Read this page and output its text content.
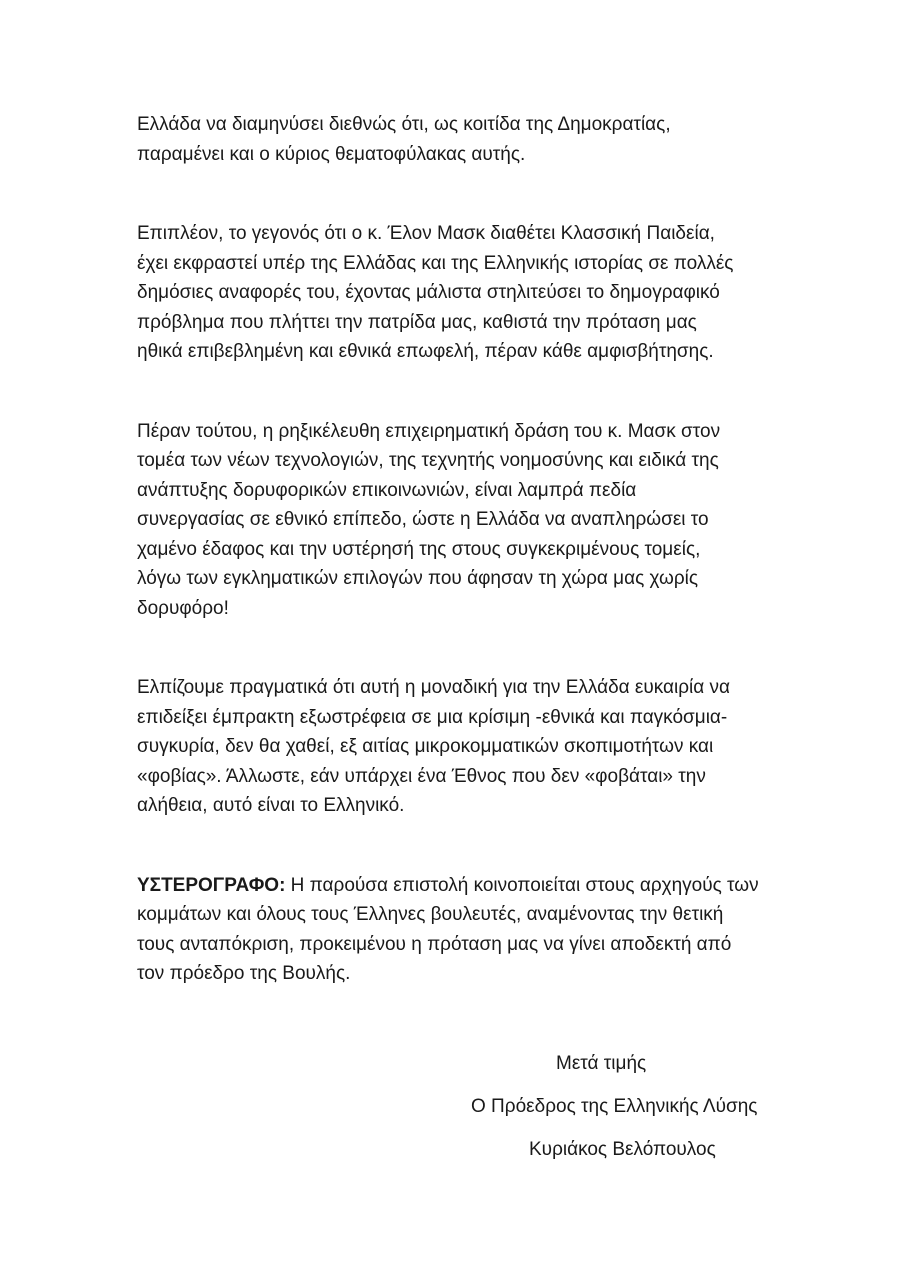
Ελλάδα να διαμηνύσει διεθνώς ότι, ως κοιτίδα της Δημοκρατίας,
παραμένει και ο κύριος θεματοφύλακας αυτής.

Επιπλέον, το γεγονός ότι ο κ. Έλον Μασκ διαθέτει Κλασσική Παιδεία,
έχει εκφραστεί υπέρ της Ελλάδας και της Ελληνικής ιστορίας σε πολλές
δημόσιες αναφορές του, έχοντας μάλιστα στηλιτεύσει το δημογραφικό
πρόβλημα που πλήττει την πατρίδα μας, καθιστά την πρόταση μας
ηθικά επιβεβλημένη και εθνικά επωφελή, πέραν κάθε αμφισβήτησης.

Πέραν τούτου, η ρηξικέλευθη επιχειρηματική δράση του κ. Μασκ στον
τομέα των νέων τεχνολογιών, της τεχνητής νοημοσύνης και ειδικά της
ανάπτυξης δορυφορικών επικοινωνιών, είναι λαμπρά πεδία
συνεργασίας σε εθνικό επίπεδο, ώστε η Ελλάδα να αναπληρώσει το
χαμένο έδαφος και την υστέρησή της στους συγκεκριμένους τομείς,
λόγω των εγκληματικών επιλογών που άφησαν τη χώρα μας χωρίς
δορυφόρο!

Ελπίζουμε πραγματικά ότι αυτή η μοναδική για την Ελλάδα ευκαιρία να
επιδείξει έμπρακτη εξωστρέφεια σε μια κρίσιμη -εθνικά και παγκόσμια-
συγκυρία, δεν θα χαθεί, εξ αιτίας μικροκομματικών σκοπιμοτήτων και
«φοβίας». Άλλωστε, εάν υπάρχει ένα Έθνος που δεν «φοβάται» την
αλήθεια, αυτό είναι το Ελληνικό.

ΥΣΤΕΡΟΓΡΑΦΟ: Η παρούσα επιστολή κοινοποιείται στους αρχηγούς των
κομμάτων και όλους τους Έλληνες βουλευτές, αναμένοντας την θετική
τους ανταπόκριση, προκειμένου η πρόταση μας να γίνει αποδεκτή από
τον πρόεδρο της Βουλής.

Μετά τιμής
Ο Πρόεδρος της Ελληνικής Λύσης
Κυριάκος Βελόπουλος
